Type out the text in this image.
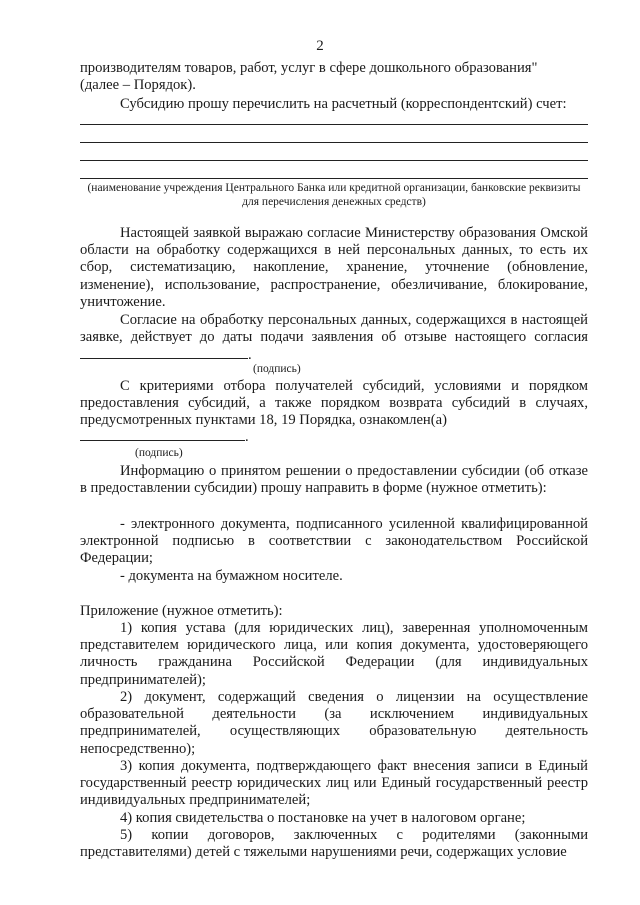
2

производителям товаров, работ, услуг в сфере дошкольного образования"

(далее – Порядок).

Субсидию прошу перечислить на расчетный (корреспондентский) счет:
(наименование учреждения Центрального Банка или кредитной организации, банковские реквизиты для перечисления денежных средств)
Настоящей заявкой выражаю согласие Министерству образования Омской области на обработку содержащихся в ней персональных данных, то есть их сбор, систематизацию, накопление, хранение, уточнение (обновление, изменение), использование, распространение, обезличивание, блокирование, уничтожение.
Согласие на обработку персональных данных, содержащихся в настоящей заявке, действует до даты подачи заявления об отзыве настоящего согласия .
(подпись)
С критериями отбора получателей субсидий, условиями и порядком предоставления субсидий, а также порядком возврата субсидий в случаях, предусмотренных пунктами 18, 19 Порядка, ознакомлен(а)
.
(подпись)
Информацию о принятом решении о предоставлении субсидии (об отказе в предоставлении субсидии) прошу направить в форме (нужное отметить):
- электронного документа, подписанного усиленной квалифицированной электронной подписью в соответствии с законодательством Российской Федерации;
- документа на бумажном носителе.
Приложение (нужное отметить):
1) копия устава (для юридических лиц), заверенная уполномоченным представителем юридического лица, или копия документа, удостоверяющего личность гражданина Российской Федерации (для индивидуальных предпринимателей);
2) документ, содержащий сведения о лицензии на осуществление образовательной деятельности (за исключением индивидуальных предпринимателей, осуществляющих образовательную деятельность непосредственно);
3) копия документа, подтверждающего факт внесения записи в Единый государственный реестр юридических лиц или Единый государственный реестр индивидуальных предпринимателей;
4) копия свидетельства о постановке на учет в налоговом органе;
5) копии договоров, заключенных с родителями (законными представителями) детей с тяжелыми нарушениями речи, содержащих условие
